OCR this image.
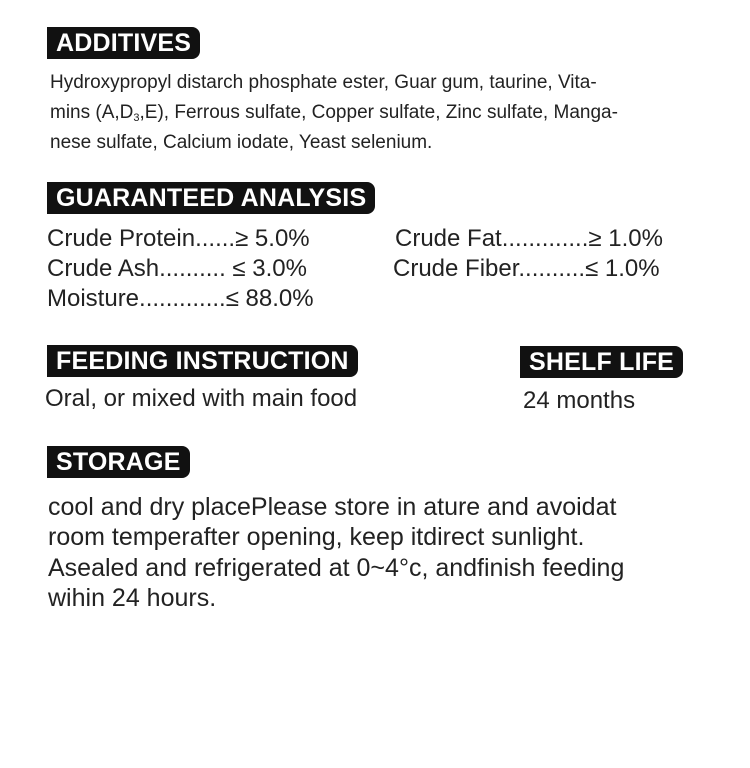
ADDITIVES
Hydroxypropyl distarch phosphate ester, Guar gum, taurine, Vita-
mins $(A,D_3,E)$, Ferrous sulfate, Copper sulfate, Zinc sulfate, Manga-
nese sulfate, Calcium iodate, Yeast selenium.
GUARANTEED ANALYSIS
Crude Protein......≥ 5.0%	Crude Fat.............≥ 1.0%
Crude Ash.......... ≤ 3.0%	Crude Fiber..........≤ 1.0%
Moisture.............≤ 88.0%
FEEDING INSTRUCTION
Oral, or mixed with main food
SHELF LIFE
24 months
STORAGE
cool and dry placePlease store in ature and avoidat
room temperafter opening, keep itdirect sunlight.
Asealed and refrigerated at 0~4°c, andfinish feeding
wihin 24 hours.
